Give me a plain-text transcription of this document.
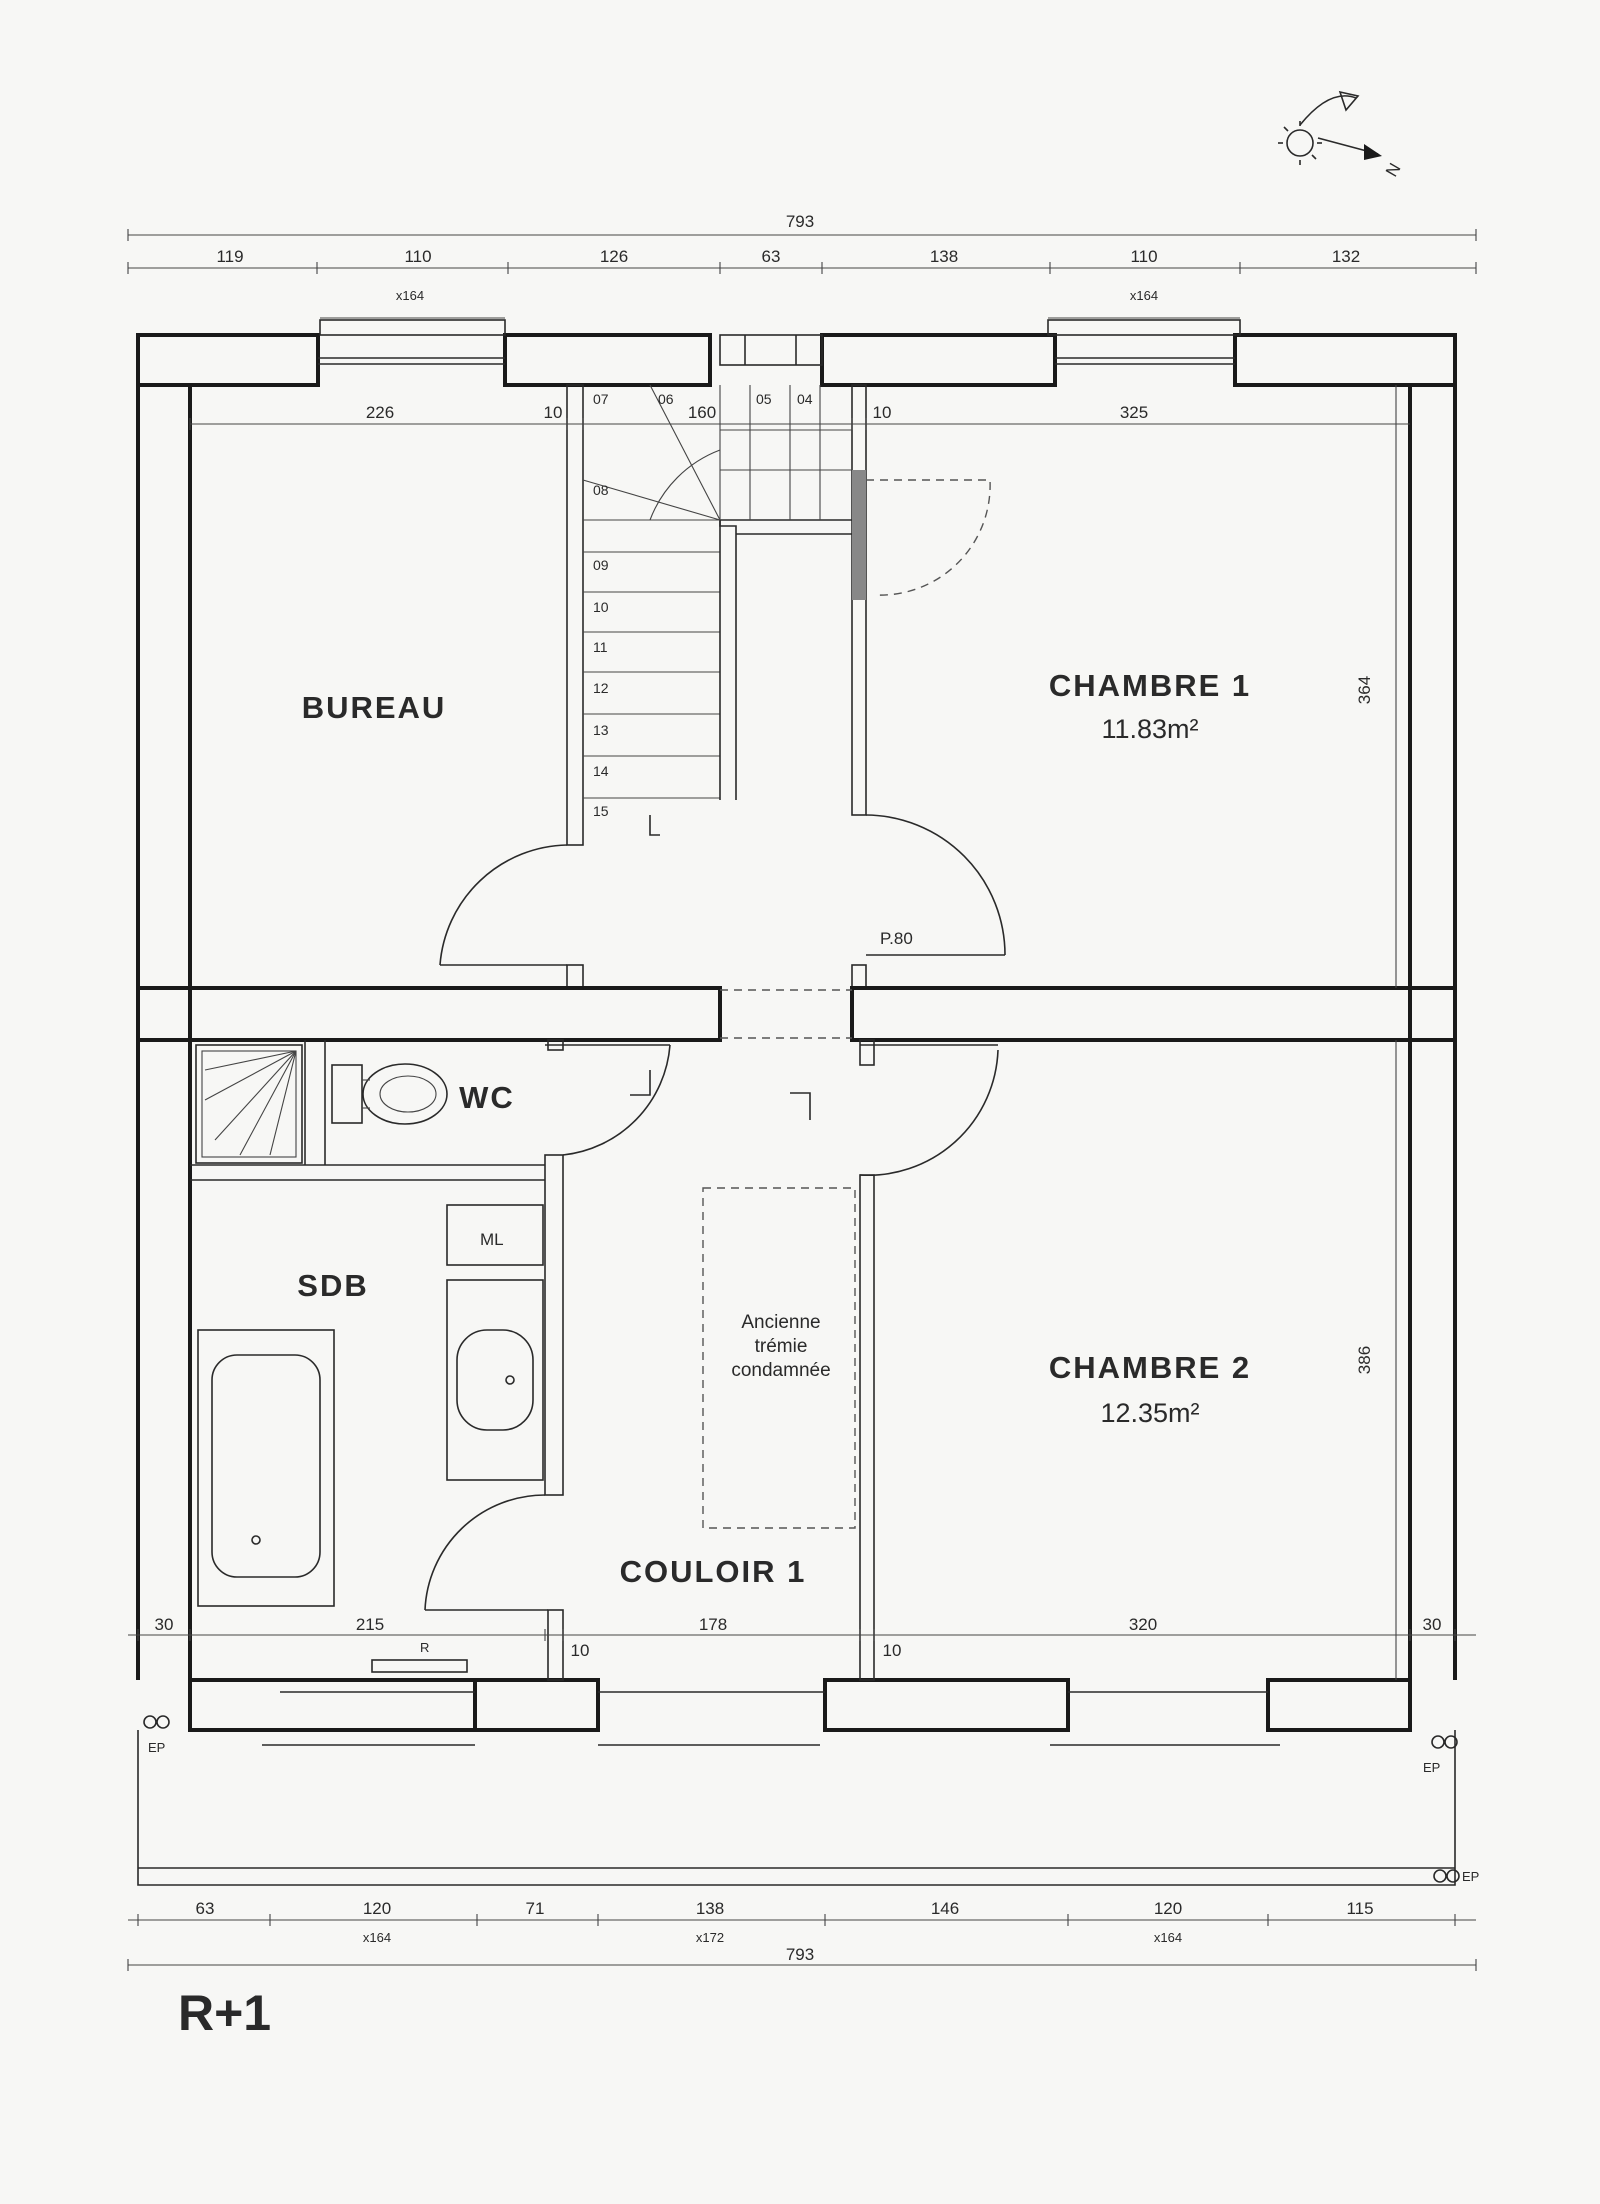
N
793
119	110	126	63	138	110	132
x164	x164
07	06	05 04
08
09
10
11
12
13
14
15
226	10	160	10	325
364
386
30	215
10
178
10
320	30
BUREAU
CHAMBRE 1
11.83m²
WC
SDB
CHAMBRE 2
12.35m²
COULOIR 1
Ancienne
trémie
condamnée
P.80
ML
R
EP
EP
EP
63	120	71	138	146	120	115
x164	x172	x164
793
R+1
